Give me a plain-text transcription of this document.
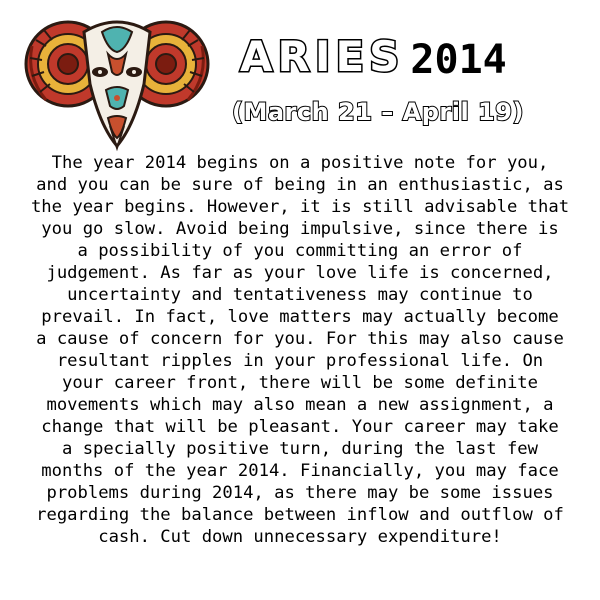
ARIES 2014
(March 21 – April 19)
The year 2014 begins on a positive note for you,
and you can be sure of being in an enthusiastic, as
the year begins. However, it is still advisable that
you go slow. Avoid being impulsive, since there is
a possibility of you committing an error of
judgement. As far as your love life is concerned,
uncertainty and tentativeness may continue to
prevail. In fact, love matters may actually become
a cause of concern for you. For this may also cause
resultant ripples in your professional life. On
your career front, there will be some definite
movements which may also mean a new assignment, a
change that will be pleasant. Your career may take
a specially positive turn, during the last few
months of the year 2014. Financially, you may face
problems during 2014, as there may be some issues
regarding the balance between inflow and outflow of
cash. Cut down unnecessary expenditure!
